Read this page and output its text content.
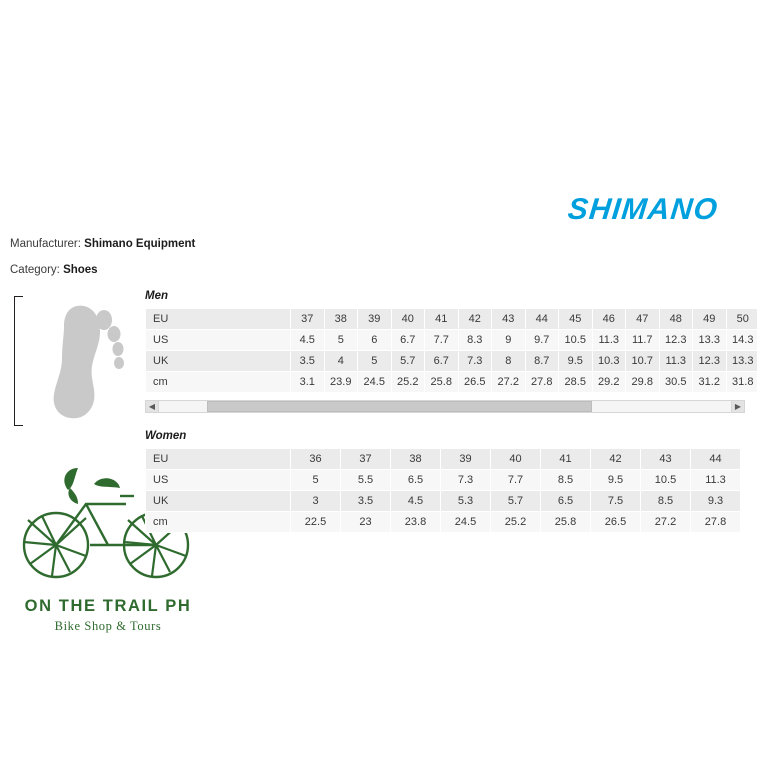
SHIMANO
Manufacturer: Shimano Equipment
Category: Shoes
ON THE TRAIL PH
Bike Shop & Tours
Men
EU	37	38	39	40	41	42	43	44	45	46	47	48	49	50
US	4.5	5	6	6.7	7.7	8.3	9	9.7	10.5	11.3	11.7	12.3	13.3	14.3
UK	3.5	4	5	5.7	6.7	7.3	8	8.7	9.5	10.3	10.7	11.3	12.3	13.3
cm	3.1	23.9	24.5	25.2	25.8	26.5	27.2	27.8	28.5	29.2	29.8	30.5	31.2	31.8
◀	▶
Women
EU	36	37	38	39	40	41	42	43	44
US	5	5.5	6.5	7.3	7.7	8.5	9.5	10.5	11.3
UK	3	3.5	4.5	5.3	5.7	6.5	7.5	8.5	9.3
cm	22.5	23	23.8	24.5	25.2	25.8	26.5	27.2	27.8
